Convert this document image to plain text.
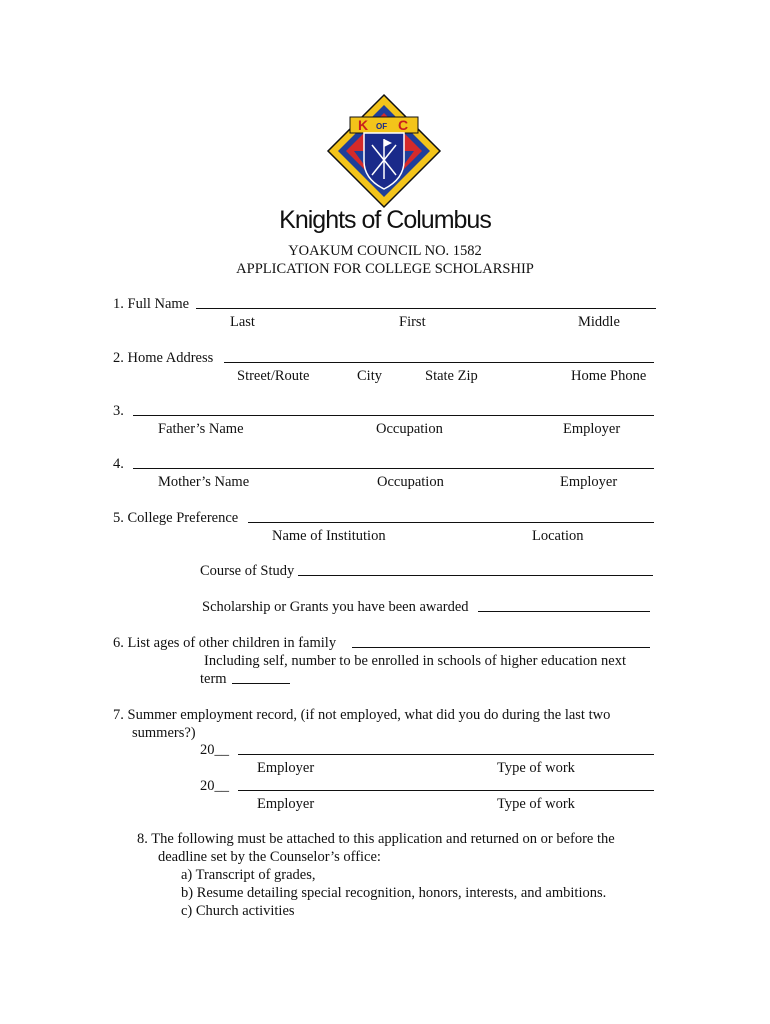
K OF C
Knights of Columbus
YOAKUM COUNCIL NO. 1582
APPLICATION FOR COLLEGE SCHOLARSHIP
1. Full Name
Last	First	Middle
2. Home Address
Street/Route	City	State Zip	Home Phone
3.
Father’s Name	Occupation	Employer
4.
Mother’s Name	Occupation	Employer
5. College Preference
Name of Institution	Location
Course of Study
Scholarship or Grants you have been awarded
6. List ages of other children in family
Including self, number to be enrolled in schools of higher education next
term
7. Summer employment record, (if not employed, what did you do during the last two
summers?)
20__
Employer	Type of work
20__
Employer	Type of work
8. The following must be attached to this application and returned on or before the
deadline set by the Counselor’s office:
a) Transcript of grades,
b) Resume detailing special recognition, honors, interests, and ambitions.
c) Church activities
